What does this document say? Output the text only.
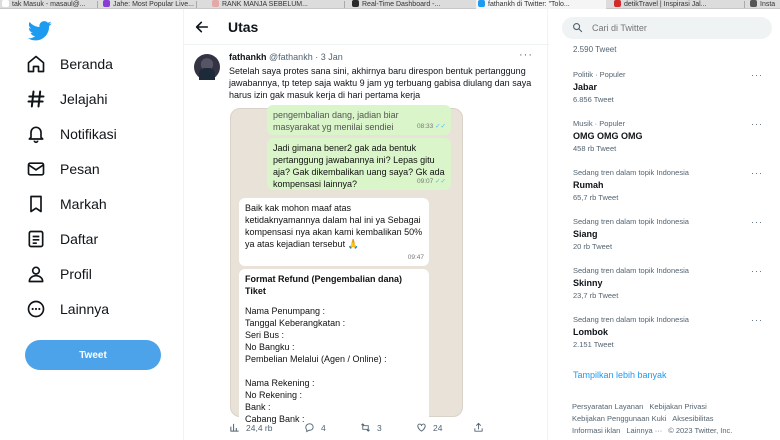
tak Masuk - masaul@...	Jahe: Most Popular Live...	RANK MANJA SEBELUM...	Real-Time Dashboard -...	fathankh di Twitter: "Tolo...	detikTravel | Inspirasi Jal...	Insta
Beranda
Jelajahi
Notifikasi
Pesan
Markah
Daftar
Profil
Lainnya
Tweet
Utas
fathankh @fathankh · 3 Jan	···
Setelah saya protes sana sini, akhirnya baru direspon bentuk pertanggung jawabannya, tp tetep saja waktu 9 jam yg terbuang gabisa diulang dan saya harus izin gak masuk kerja di hari pertama kerja
pengembalian dang, jadian biar masyarakat yg menilai sendiei	08:33 ✓✓
Jadi gimana bener2 gak ada bentuk pertanggung jawabannya ini? Lepas gitu aja? Gak dikembalikan uang saya? Gk ada kompensasi lainnya?	09:07 ✓✓
Baik kak mohon maaf atas ketidaknyamannya dalam hal ini ya Sebagai kompensasi nya akan kami kembalikan 50% ya atas kejadian tersebut 🙏
09:47
Format Refund (Pengembalian dana) Tiket
Nama Penumpang :
Tanggal Keberangkatan :
Seri Bus :
No Bangku :
Pembelian Melalui (Agen / Online) :
Nama Rekening :
No Rekening :
Bank :
Cabang Bank :
24,4 rb	4	3	24
Cari di Twitter
2.590 Tweet
Politik · Populer
Jabar
6.856 Tweet
···
Musik · Populer
OMG OMG OMG
458 rb Tweet
···
Sedang tren dalam topik Indonesia
Rumah
65,7 rb Tweet
···
Sedang tren dalam topik Indonesia
Siang
20 rb Tweet
···
Sedang tren dalam topik Indonesia
Skinny
23,7 rb Tweet
···
Sedang tren dalam topik Indonesia
Lombok
2.151 Tweet
···
Tampilkan lebih banyak
Persyaratan Layanan Kebijakan Privasi
Kebijakan Penggunaan Kuki Aksesibilitas
Informasi iklan Lainnya ··· © 2023 Twitter, Inc.
